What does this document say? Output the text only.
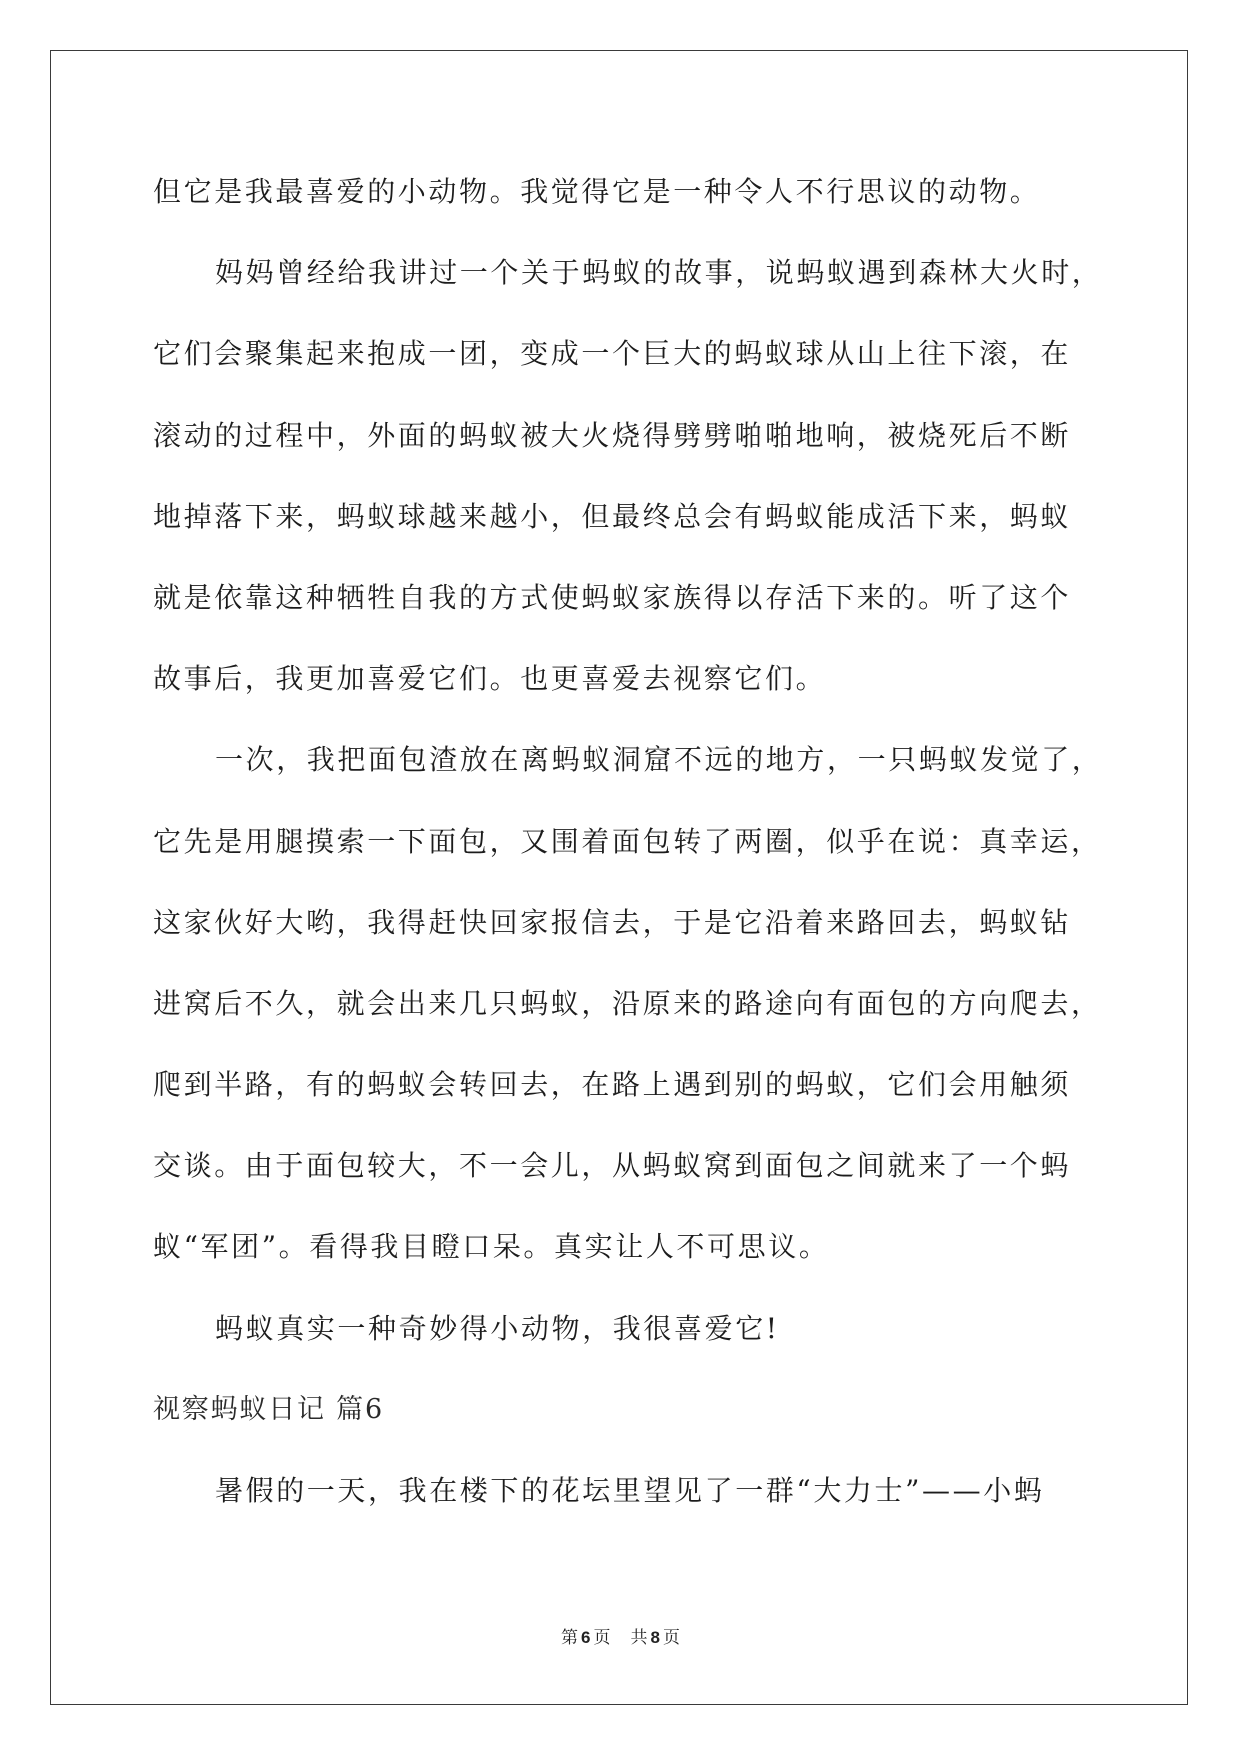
但它是我最喜爱的小动物。我觉得它是一种令人不行思议的动物。
妈妈曾经给我讲过一个关于蚂蚁的故事，说蚂蚁遇到森林大火时，
它们会聚集起来抱成一团，变成一个巨大的蚂蚁球从山上往下滚，在
滚动的过程中，外面的蚂蚁被大火烧得劈劈啪啪地响，被烧死后不断
地掉落下来，蚂蚁球越来越小，但最终总会有蚂蚁能成活下来，蚂蚁
就是依靠这种牺牲自我的方式使蚂蚁家族得以存活下来的。听了这个
故事后，我更加喜爱它们。也更喜爱去视察它们。
一次，我把面包渣放在离蚂蚁洞窟不远的地方，一只蚂蚁发觉了，
它先是用腿摸索一下面包，又围着面包转了两圈，似乎在说：真幸运，
这家伙好大哟，我得赶快回家报信去，于是它沿着来路回去，蚂蚁钻
进窝后不久，就会出来几只蚂蚁，沿原来的路途向有面包的方向爬去，
爬到半路，有的蚂蚁会转回去，在路上遇到别的蚂蚁，它们会用触须
交谈。由于面包较大，不一会儿，从蚂蚁窝到面包之间就来了一个蚂
蚁“军团”。看得我目瞪口呆。真实让人不可思议。
蚂蚁真实一种奇妙得小动物，我很喜爱它!
视察蚂蚁日记 篇6
暑假的一天，我在楼下的花坛里望见了一群“大力士”——小蚂
第 6 页 共 8 页
